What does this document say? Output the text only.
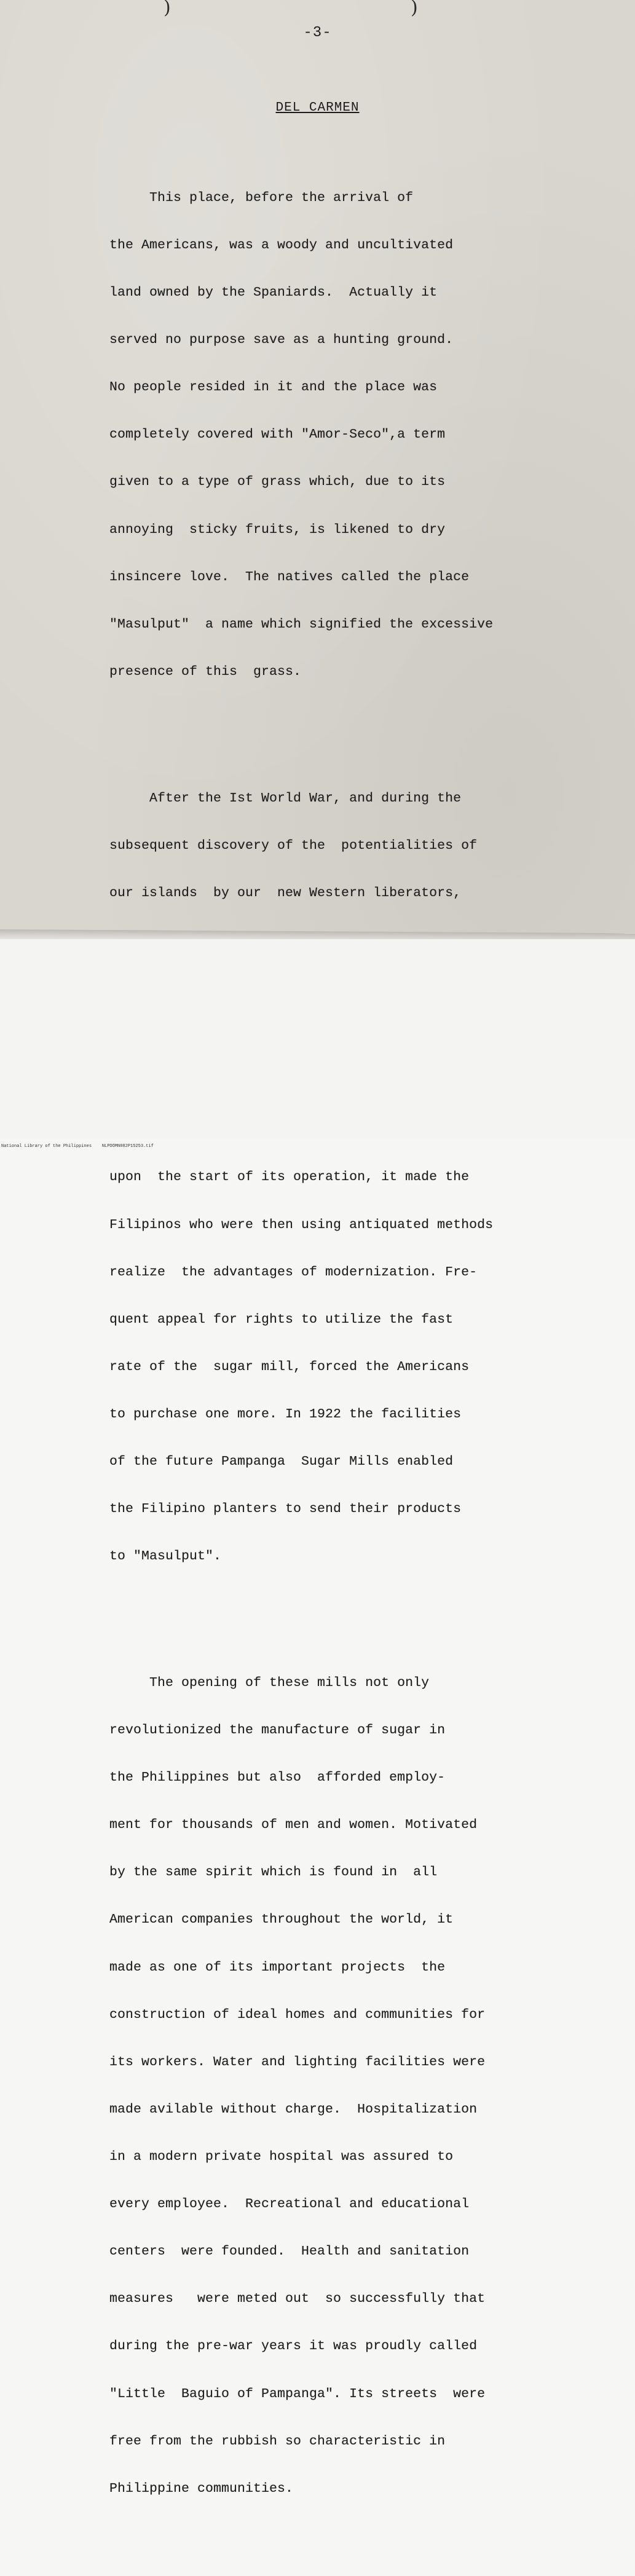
)	)
-3-
DEL CARMEN

This place, before the arrival of

the Americans, was a woody and uncultivated

land owned by the Spaniards.  Actually it

served no purpose save as a hunting ground.

No people resided in it and the place was

completely covered with "Amor-Seco",a term

given to a type of grass which, due to its

annoying  sticky fruits, is likened to dry

insincere love.  The natives called the place

"Masulput"  a name which signified the excessive

presence of this  grass.

After the Ist World War, and during the

subsequent discovery of the  potentialities of

our islands  by our  new Western liberators,

upon  the start of its operation, it made the

Filipinos who were then using antiquated methods

realize  the advantages of modernization. Fre-

quent appeal for rights to utilize the fast

rate of the  sugar mill, forced the Americans

to purchase one more. In 1922 the facilities

of the future Pampanga  Sugar Mills enabled

the Filipino planters to send their products

to "Masulput".

The opening of these mills not only

revolutionized the manufacture of sugar in

the Philippines but also  afforded employ-

ment for thousands of men and women. Motivated

by the same spirit which is found in  all

American companies throughout the world, it

made as one of its important projects  the

construction of ideal homes and communities for

its workers. Water and lighting facilities were

made avilable without charge.  Hospitalization

in a modern private hospital was assured to

every employee.  Recreational and educational

centers  were founded.  Health and sanitation

measures   were meted out  so successfully that

during the pre-war years it was proudly called

"Little  Baguio of Pampanga". Its streets  were

free from the rubbish so characteristic in

Philippine communities.

National Library of the Philippines    NLPOOMN082P15253.tif
